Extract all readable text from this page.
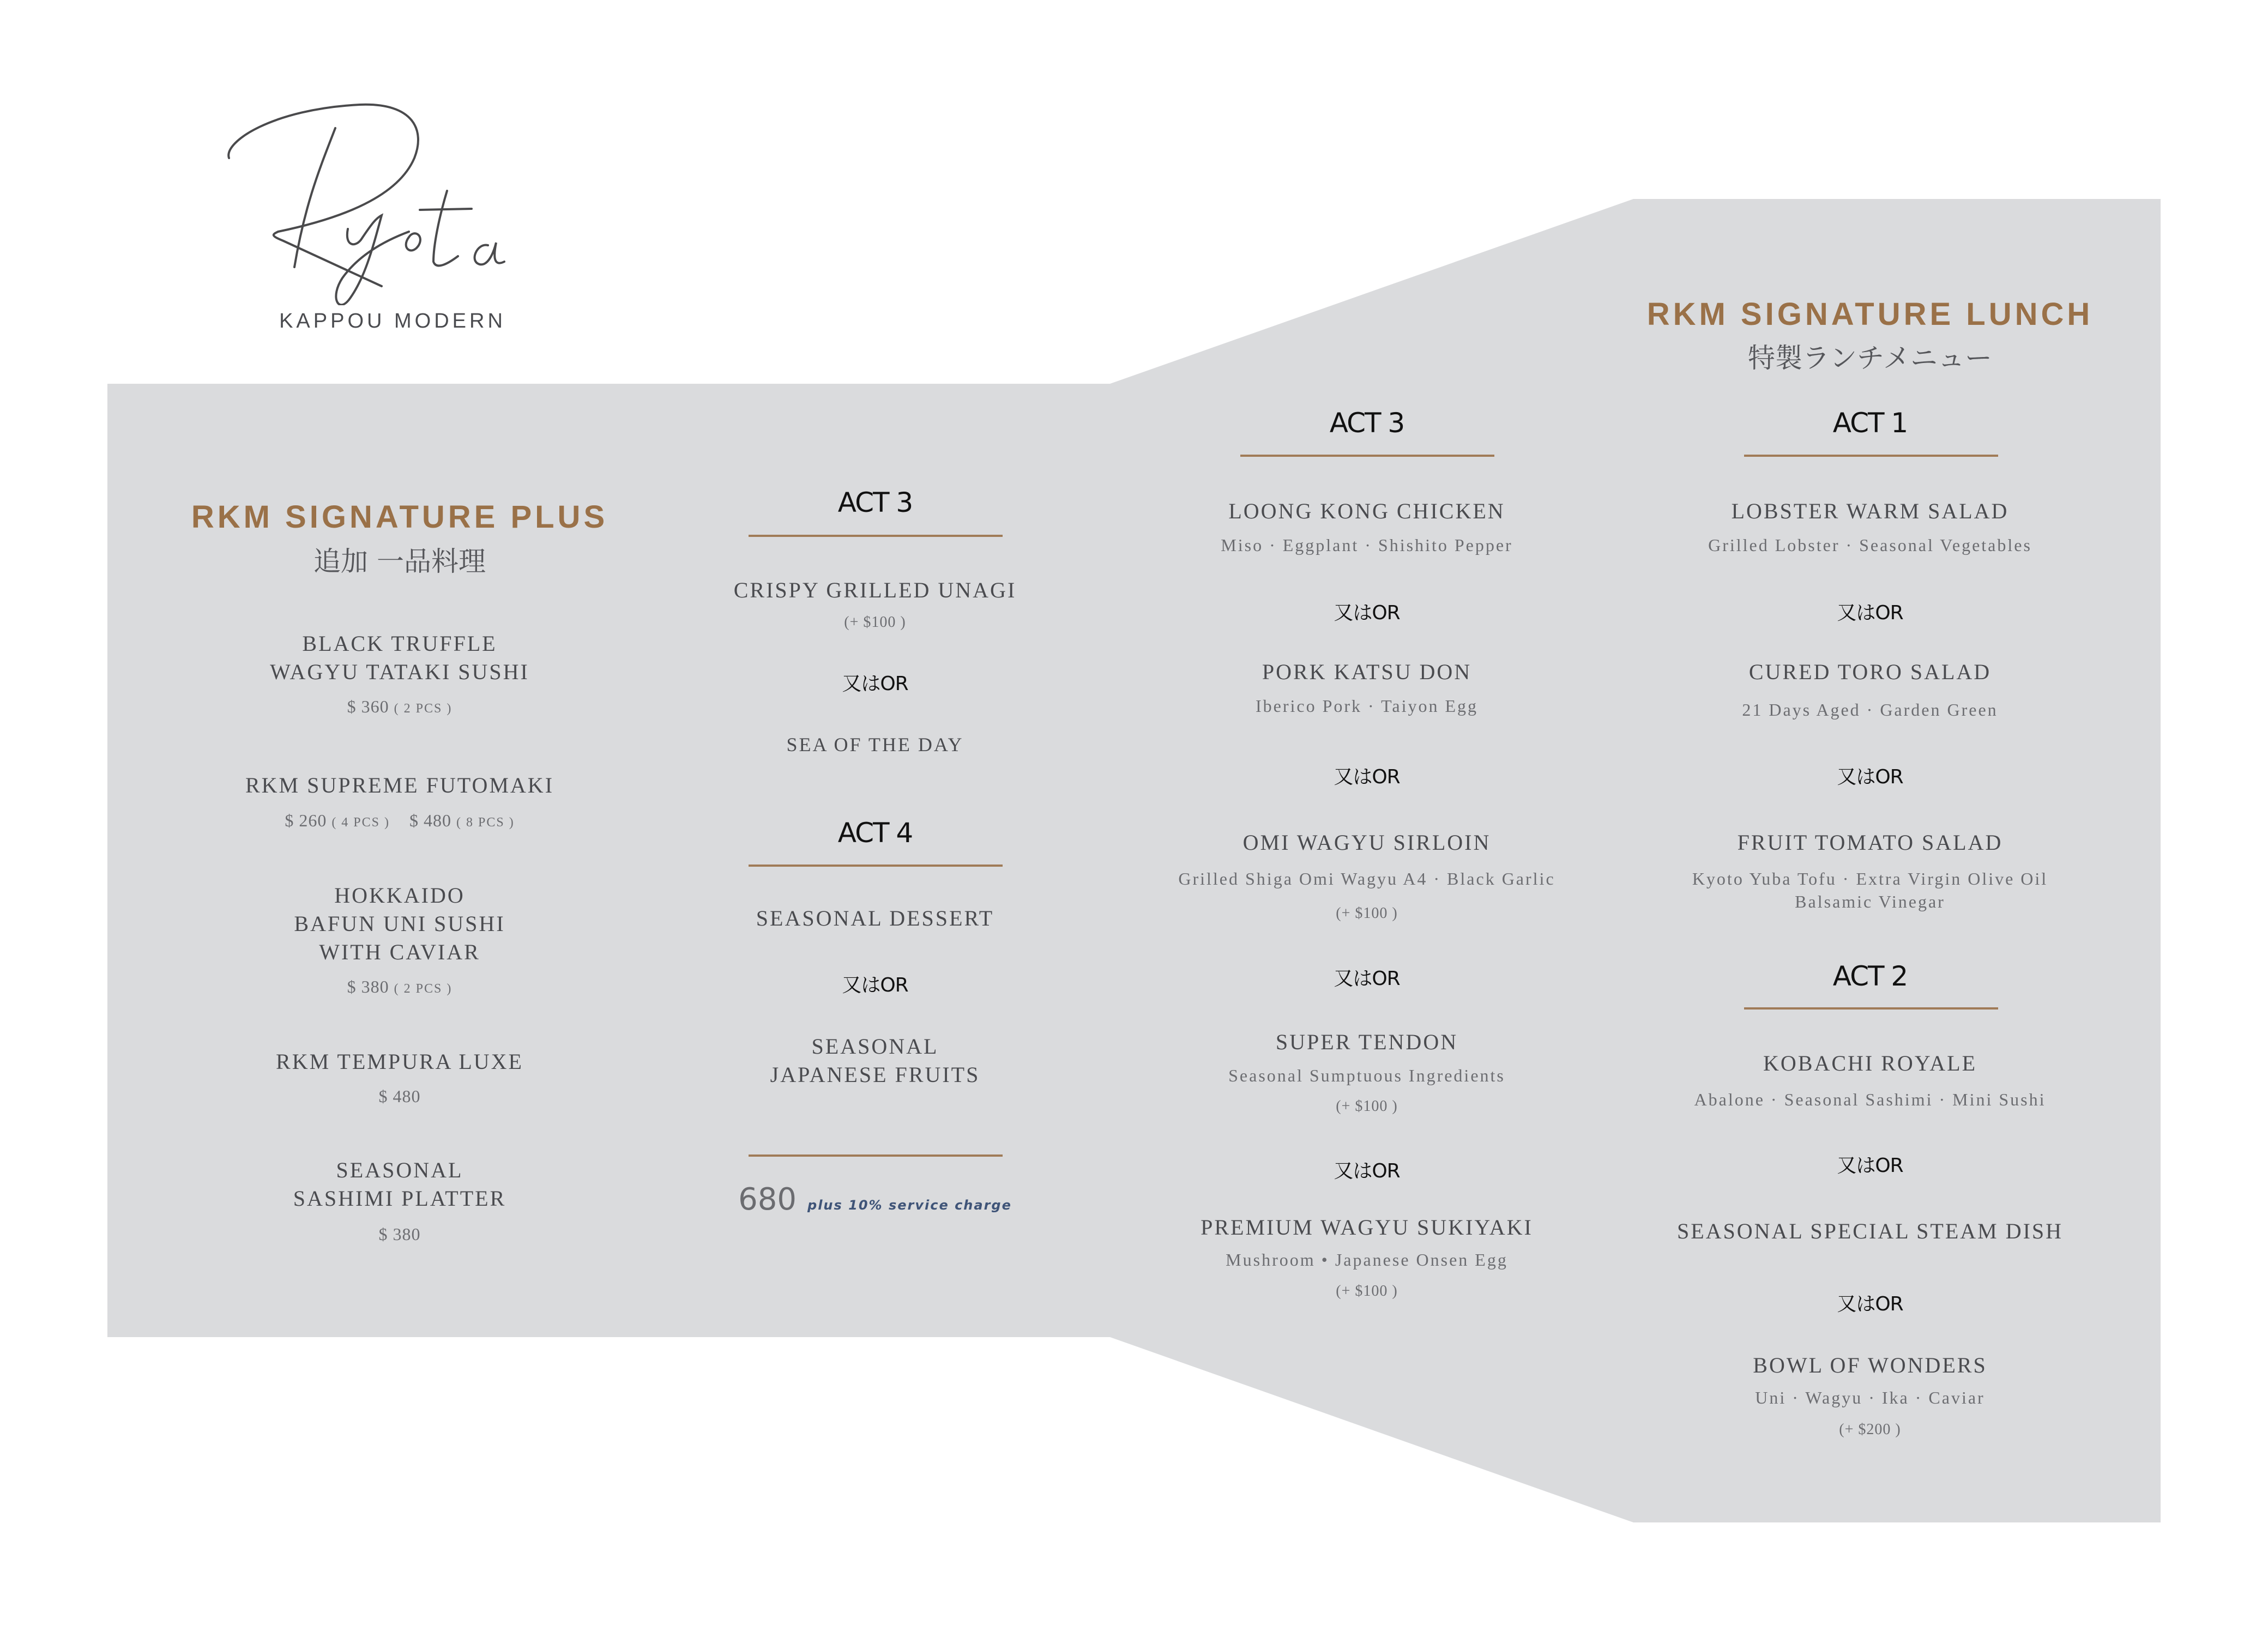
KAPPOU MODERN
RKM SIGNATURE PLUS
追加 一品料理
BLACK TRUFFLE
WAGYU TATAKI SUSHI
$ 360 ( 2 PCS )
RKM SUPREME FUTOMAKI
$ 260 ( 4 PCS ) $ 480 ( 8 PCS )
HOKKAIDO
BAFUN UNI SUSHI
WITH CAVIAR
$ 380 ( 2 PCS )
RKM TEMPURA LUXE
$ 480
SEASONAL
SASHIMI PLATTER
$ 380
ACT 3
CRISPY GRILLED UNAGI
(+ $100 )
又はOR
SEA OF THE DAY
ACT 4
SEASONAL DESSERT
又はOR
SEASONAL
JAPANESE FRUITS
680 plus 10% service charge
ACT 3
LOONG KONG CHICKEN
Miso · Eggplant · Shishito Pepper
又はOR
PORK KATSU DON
Iberico Pork · Taiyon Egg
又はOR
OMI WAGYU SIRLOIN
Grilled Shiga Omi Wagyu A4 · Black Garlic
(+ $100 )
又はOR
SUPER TENDON
Seasonal Sumptuous Ingredients
(+ $100 )
又はOR
PREMIUM WAGYU SUKIYAKI
Mushroom • Japanese Onsen Egg
(+ $100 )
RKM SIGNATURE LUNCH
特製ランチメニュー
ACT 1
LOBSTER WARM SALAD
Grilled Lobster · Seasonal Vegetables
又はOR
CURED TORO SALAD
21 Days Aged · Garden Green
又はOR
FRUIT TOMATO SALAD
Kyoto Yuba Tofu · Extra Virgin Olive Oil
Balsamic Vinegar
ACT 2
KOBACHI ROYALE
Abalone · Seasonal Sashimi · Mini Sushi
又はOR
SEASONAL SPECIAL STEAM DISH
又はOR
BOWL OF WONDERS
Uni · Wagyu · Ika · Caviar
(+ $200 )
